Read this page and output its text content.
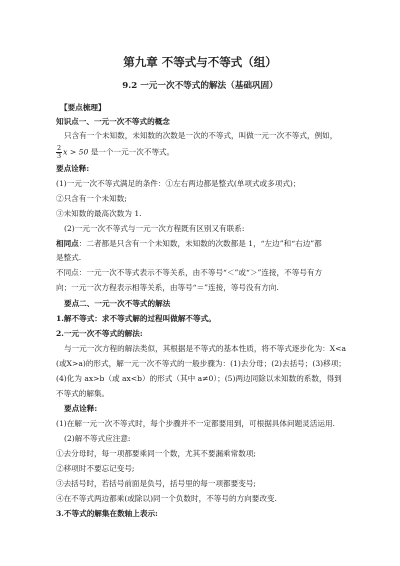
第九章 不等式与不等式（组）
9.2 一元一次不等式的解法（基础巩固）
【要点梳理】
知识点一、一元一次不等式的概念
只含有一个未知数，未知数的次数是一次的不等式，叫做一元一次不等式，例如，
$\frac{2}{3}$ x > 50 是一个一元一次不等式。
要点诠释:
(1)一元一次不等式满足的条件：①左右两边都是整式(单项式或多项式)；
②只含有一个未知数;
③未知数的最高次数为 1.
(2)一元一次不等式与一元一次方程既有区别又有联系:
相同点：二者都是只含有一个未知数，未知数的次数都是 1，“左边”和“右边”都
是整式.
不同点：一元一次不等式表示不等关系，由不等号“＜”或“＞”连接，不等号有方
向；一元一次方程表示相等关系，由等号“＝”连接，等号没有方向.
要点二、一元一次不等式的解法
1.解不等式：求不等式解的过程叫做解不等式。
2.一元一次不等式的解法:
与一元一次方程的解法类似，其根据是不等式的基本性质，将不等式逐步化为：X<a
(或X>a)的形式，解一元一次不等式的一般步骤为：(1)去分母；(2)去括号；(3)移项；
(4)化为 ax>b（或 ax<b）的形式（其中 a≠0）；(5)两边同除以未知数的系数，得到
不等式的解集。
要点诠释:
(1)在解一元一次不等式时，每个步骤并不一定都要用到，可根据具体问题灵活运用.
(2)解不等式应注意:
①去分母时，每一项都要乘同一个数，尤其不要漏乘常数项;
②移项时不要忘记变号;
③去括号时，若括号前面是负号，括号里的每一项都要变号;
④在不等式两边都乘(或除以)同一个负数时，不等号的方向要改变.
3.不等式的解集在数轴上表示:
